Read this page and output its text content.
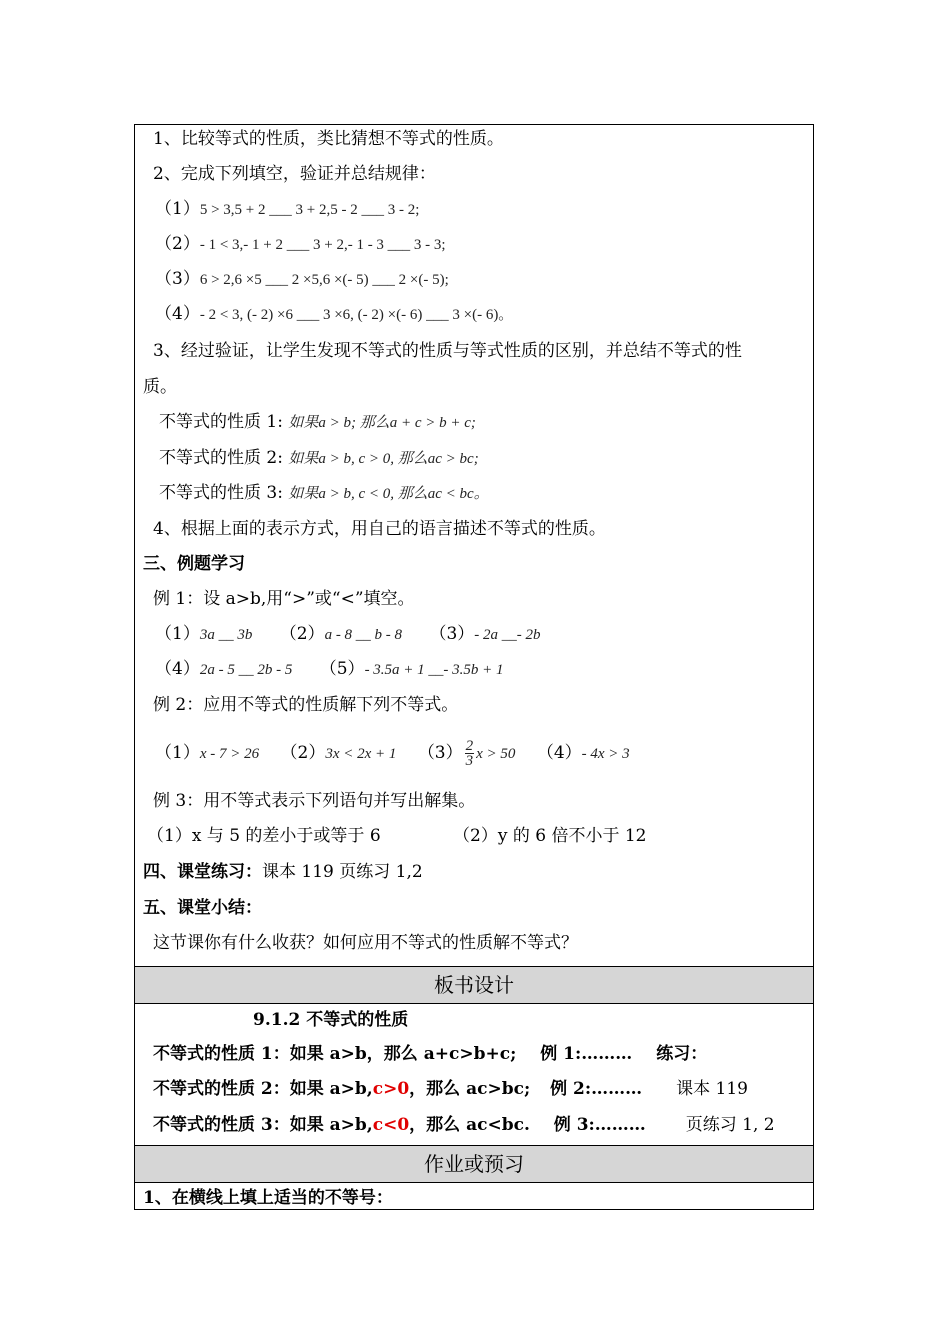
1、比较等式的性质，类比猜想不等式的性质。
2、完成下列填空，验证并总结规律：
（1）5 > 3,5 + 2 ___ 3 + 2,5 - 2 ___ 3 - 2;
（2）- 1 < 3,- 1 + 2 ___ 3 + 2,- 1 - 3 ___ 3 - 3;
（3）6 > 2,6 ×5 ___ 2 ×5,6 ×(- 5) ___ 2 ×(- 5);
（4）- 2 < 3, (- 2) ×6 ___ 3 ×6, (- 2) ×(- 6) ___ 3 ×(- 6)。
3、经过验证，让学生发现不等式的性质与等式性质的区别，并总结不等式的性
质。
不等式的性质 1: 如果a > b; 那么a + c > b + c;
不等式的性质 2: 如果a > b, c > 0, 那么ac > bc;
不等式的性质 3: 如果a > b, c < 0, 那么ac < bc。
4、根据上面的表示方式，用自己的语言描述不等式的性质。
三、例题学习
例 1：设 a>b,用“>”或“<”填空。
（1）3a __ 3b （2）a - 8 __ b - 8 （3）- 2a __- 2b
（4）2a - 5 __ 2b - 5 （5）- 3.5a + 1 __- 3.5b + 1
例 2：应用不等式的性质解下列不等式。
（1）x - 7 > 26 （2）3x < 2x + 1 $(3) \frac{2}{3}$ x > 50 （4）- 4x > 3
例 3：用不等式表示下列语句并写出解集。
（1）x 与 5 的差小于或等于 6	（2）y 的 6 倍不小于 12
四、课堂练习：课本 119 页练习 1,2
五、课堂小结：
这节课你有什么收获？如何应用不等式的性质解不等式？
板书设计
9.1.2 不等式的性质
不等式的性质 1：如果 a>b，那么 a+c>b+c; 例 1:……… 练习：
不等式的性质 2：如果 a>b,c>0，那么 ac>bc; 例 2:……… 课本 119
不等式的性质 3：如果 a>b,c<0，那么 ac<bc. 例 3:……… 页练习 1, 2
作业或预习
1、在横线上填上适当的不等号：
